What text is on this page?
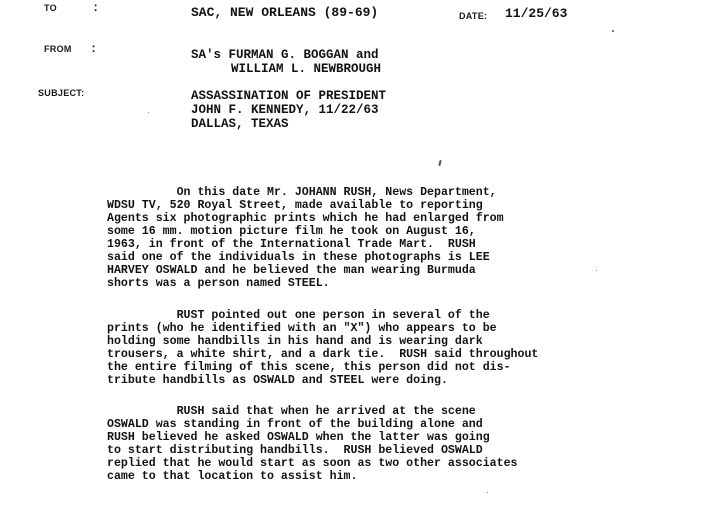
TO	:	SAC, NEW ORLEANS (89-69)	DATE: 11/25/63
FROM :	SA's FURMAN G. BOGGAN and
WILLIAM L. NEWBROUGH
SUBJECT:	ASSASSINATION OF PRESIDENT
JOHN F. KENNEDY, 11/22/63
DALLAS, TEXAS
On this date Mr. JOHANN RUSH, News Department,
WDSU TV, 520 Royal Street, made available to reporting
Agents six photographic prints which he had enlarged from
some 16 mm. motion picture film he took on August 16,
1963, in front of the International Trade Mart.  RUSH
said one of the individuals in these photographs is LEE
HARVEY OSWALD and he believed the man wearing Burmuda
shorts was a person named STEEL.
RUST pointed out one person in several of the
prints (who he identified with an "X") who appears to be
holding some handbills in his hand and is wearing dark
trousers, a white shirt, and a dark tie.  RUSH said throughout
the entire filming of this scene, this person did not dis-
tribute handbills as OSWALD and STEEL were doing.
RUSH said that when he arrived at the scene
OSWALD was standing in front of the building alone and
RUSH believed he asked OSWALD when the latter was going
to start distributing handbills.  RUSH believed OSWALD
replied that he would start as soon as two other associates
came to that location to assist him.
